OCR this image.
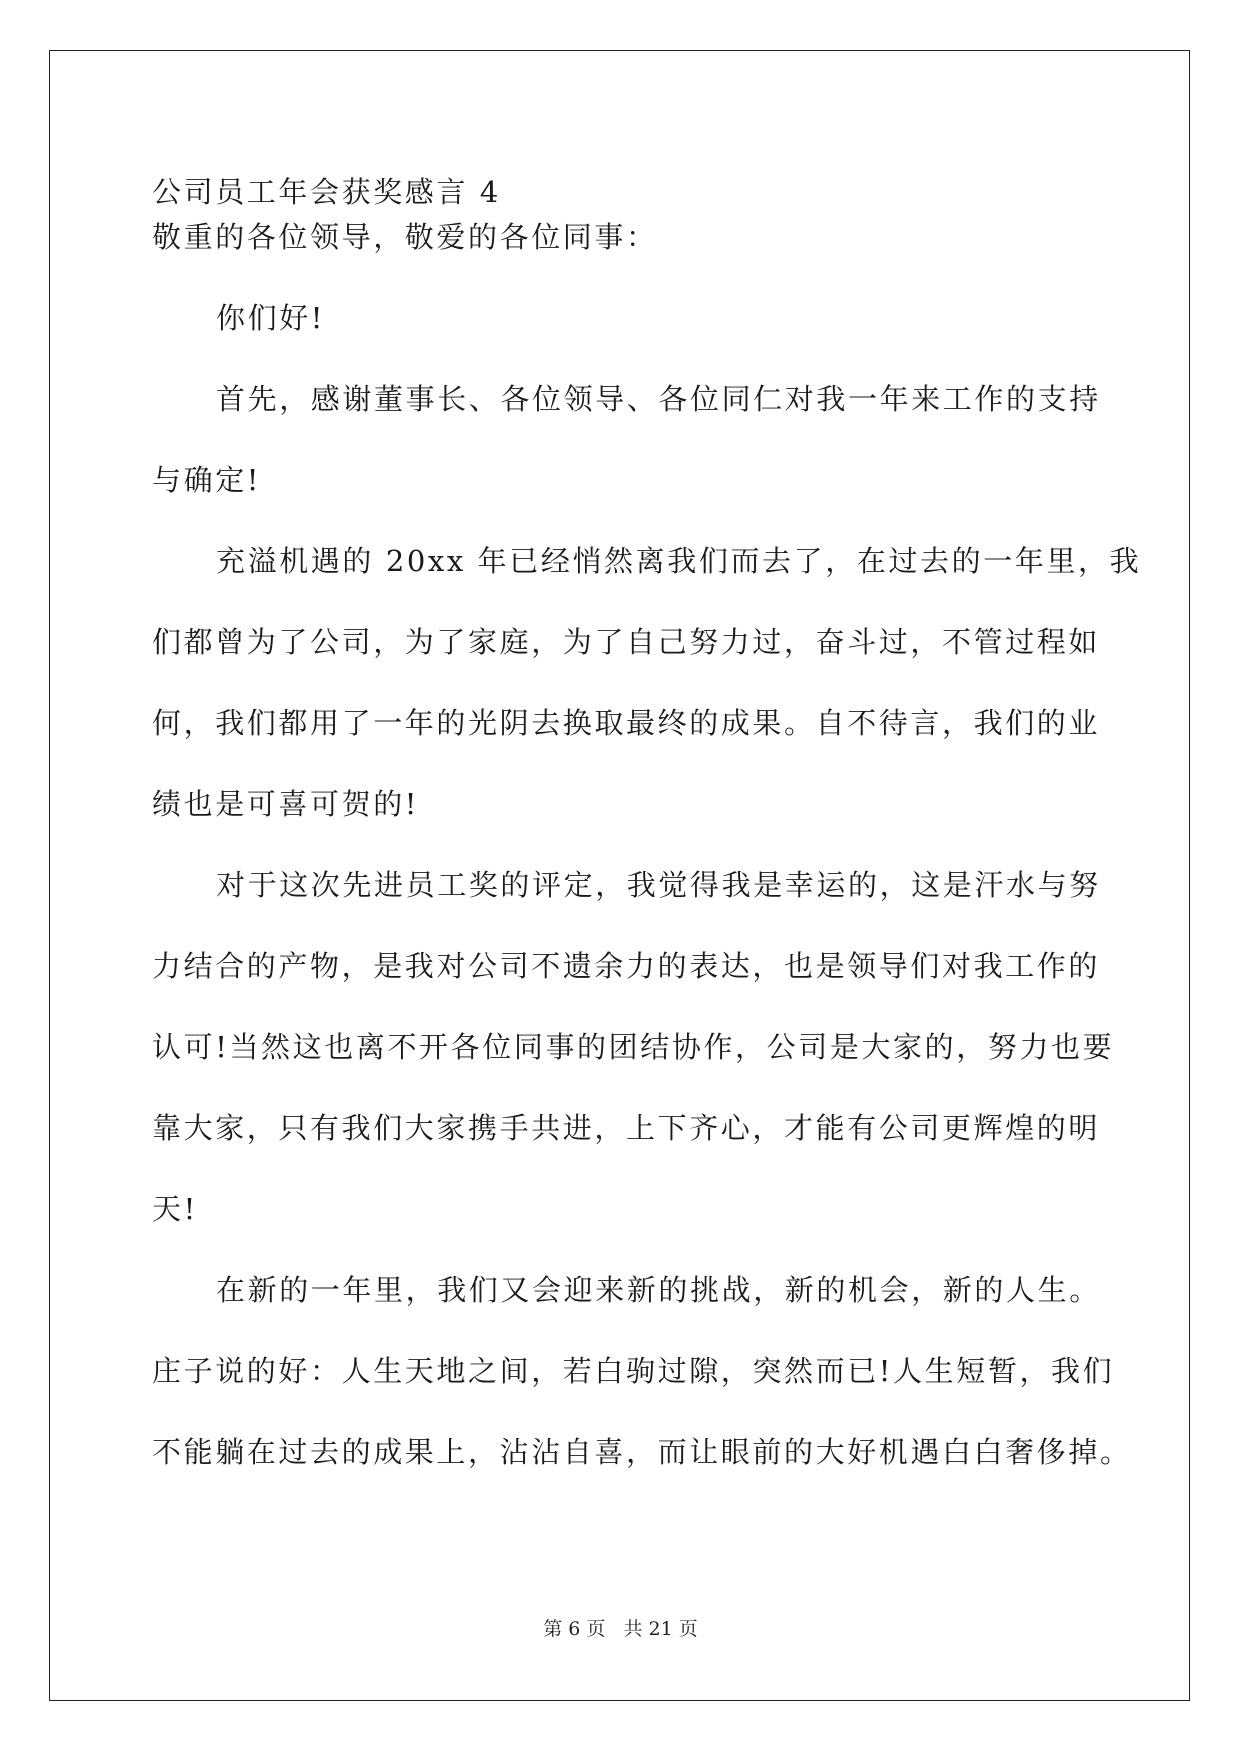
公司员工年会获奖感言 4
敬重的各位领导，敬爱的各位同事：
你们好!
首先，感谢董事长、各位领导、各位同仁对我一年来工作的支持
与确定!
充溢机遇的 20xx 年已经悄然离我们而去了，在过去的一年里，我
们都曾为了公司，为了家庭，为了自己努力过，奋斗过，不管过程如
何，我们都用了一年的光阴去换取最终的成果。自不待言，我们的业
绩也是可喜可贺的!
对于这次先进员工奖的评定，我觉得我是幸运的，这是汗水与努
力结合的产物，是我对公司不遗余力的表达，也是领导们对我工作的
认可!当然这也离不开各位同事的团结协作，公司是大家的，努力也要
靠大家，只有我们大家携手共进，上下齐心，才能有公司更辉煌的明
天!
在新的一年里，我们又会迎来新的挑战，新的机会，新的人生。
庄子说的好：人生天地之间，若白驹过隙，突然而已!人生短暂，我们
不能躺在过去的成果上，沾沾自喜，而让眼前的大好机遇白白奢侈掉。
第 6 页 共 21 页
